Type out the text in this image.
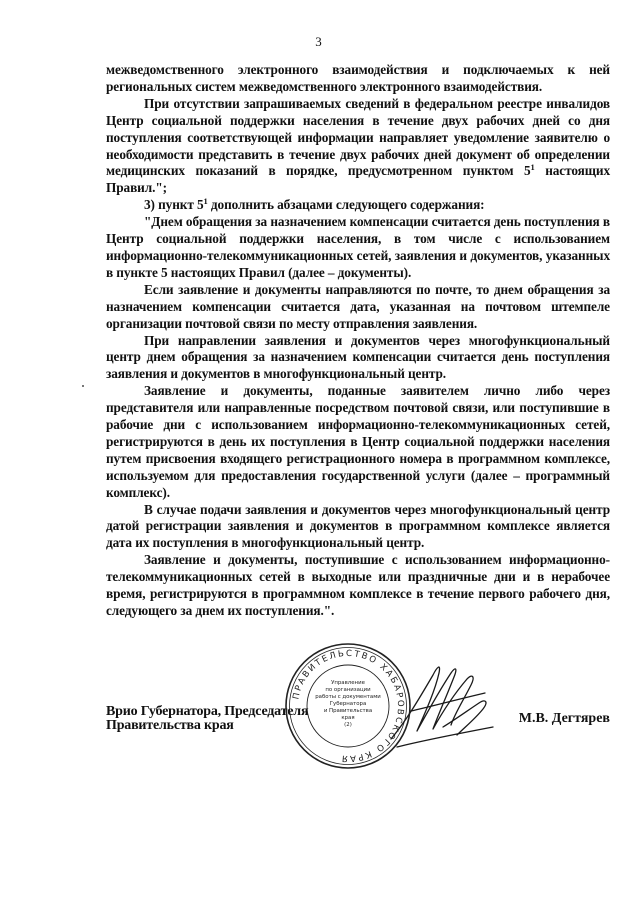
3

межведомственного электронного взаимодействия и подключаемых к ней региональных систем межведомственного электронного взаимодействия.

При отсутствии запрашиваемых сведений в федеральном реестре инвалидов Центр социальной поддержки населения в течение двух рабочих дней со дня поступления соответствующей информации направляет уведомление заявителю о необходимости представить в течение двух рабочих дней документ об определении медицинских показаний в порядке, предусмотренном пунктом $5^1$ настоящих Правил.";

3) пункт $5^1$ дополнить абзацами следующего содержания:

"Днем обращения за назначением компенсации считается день поступления в Центр социальной поддержки населения, в том числе с использованием информационно-телекоммуникационных сетей, заявления и документов, указанных в пункте 5 настоящих Правил (далее – документы).

Если заявление и документы направляются по почте, то днем обращения за назначением компенсации считается дата, указанная на почтовом штемпеле организации почтовой связи по месту отправления заявления.

При направлении заявления и документов через многофункциональный центр днем обращения за назначением компенсации считается день поступления заявления и документов в многофункциональный центр.

Заявление и документы, поданные заявителем лично либо через представителя или направленные посредством почтовой связи, или поступившие в рабочие дни с использованием информационно-телекоммуникационных сетей, регистрируются в день их поступления в Центр социальной поддержки населения путем присвоения входящего регистрационного номера в программном комплексе, используемом для предоставления государственной услуги (далее – программный комплекс).

В случае подачи заявления и документов через многофункциональный центр датой регистрации заявления и документов в программном комплексе является дата их поступления в многофункциональный центр.

Заявление и документы, поступившие с использованием информационно-телекоммуникационных сетей в выходные или праздничные дни и в нерабочее время, регистрируются в программном комплексе в течение первого рабочего дня, следующего за днем их поступления.".

Врио Губернатора, Председателя
Правительства края	М.В. Дегтярев
ПРАВИТЕЛЬСТВО ХАБАРОВСКОГО КРАЯ
Управление
по организации
работы с документами
Губернатора
и Правительства
края
(2)
